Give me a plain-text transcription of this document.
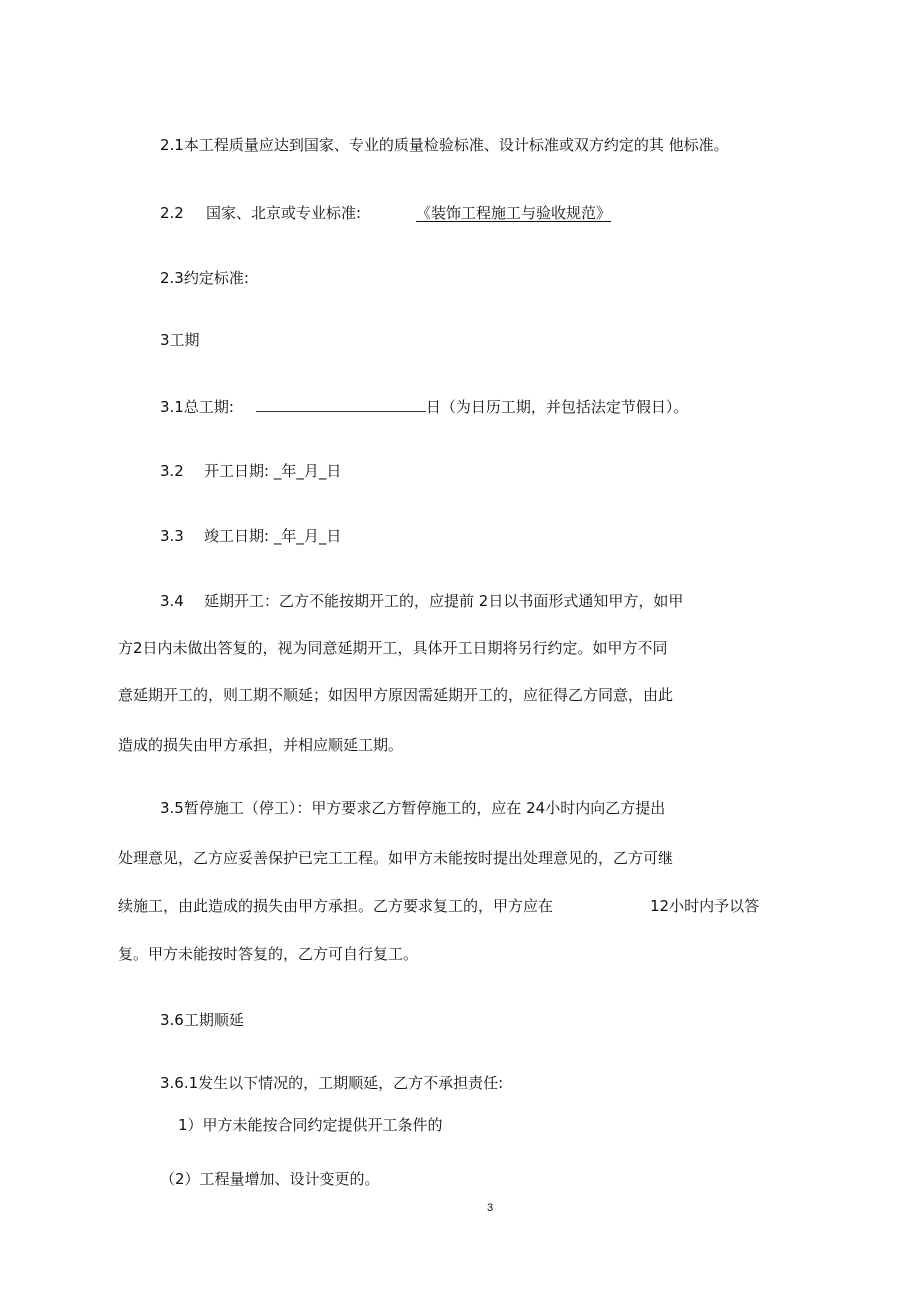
2.1本工程质量应达到国家、专业的质量检验标准、设计标准或双方约定的其 他标准。
2.2 国家、北京或专业标准:	《装饰工程施工与验收规范》
2.3约定标准:
3工期
3.1总工期:	日（为日历工期，并包括法定节假日）。
3.2 开工日期: _年_月_日
3.3 竣工日期: _年_月_日
3.4 延期开工：乙方不能按期开工的，应提前 2日以书面形式通知甲方，如甲
方2日内未做出答复的，视为同意延期开工，具体开工日期将另行约定。如甲方不同
意延期开工的，则工期不顺延；如因甲方原因需延期开工的，应征得乙方同意，由此
造成的损失由甲方承担，并相应顺延工期。
3.5暂停施工（停工）：甲方要求乙方暂停施工的，应在 24小时内向乙方提出
处理意见，乙方应妥善保护已完工工程。如甲方未能按时提出处理意见的，乙方可继
续施工，由此造成的损失由甲方承担。乙方要求复工的，甲方应在	12小时内予以答
复。甲方未能按时答复的，乙方可自行复工。
3.6工期顺延
3.6.1发生以下情况的，工期顺延，乙方不承担责任:
1）甲方未能按合同约定提供开工条件的
（2）工程量增加、设计变更的。
3
